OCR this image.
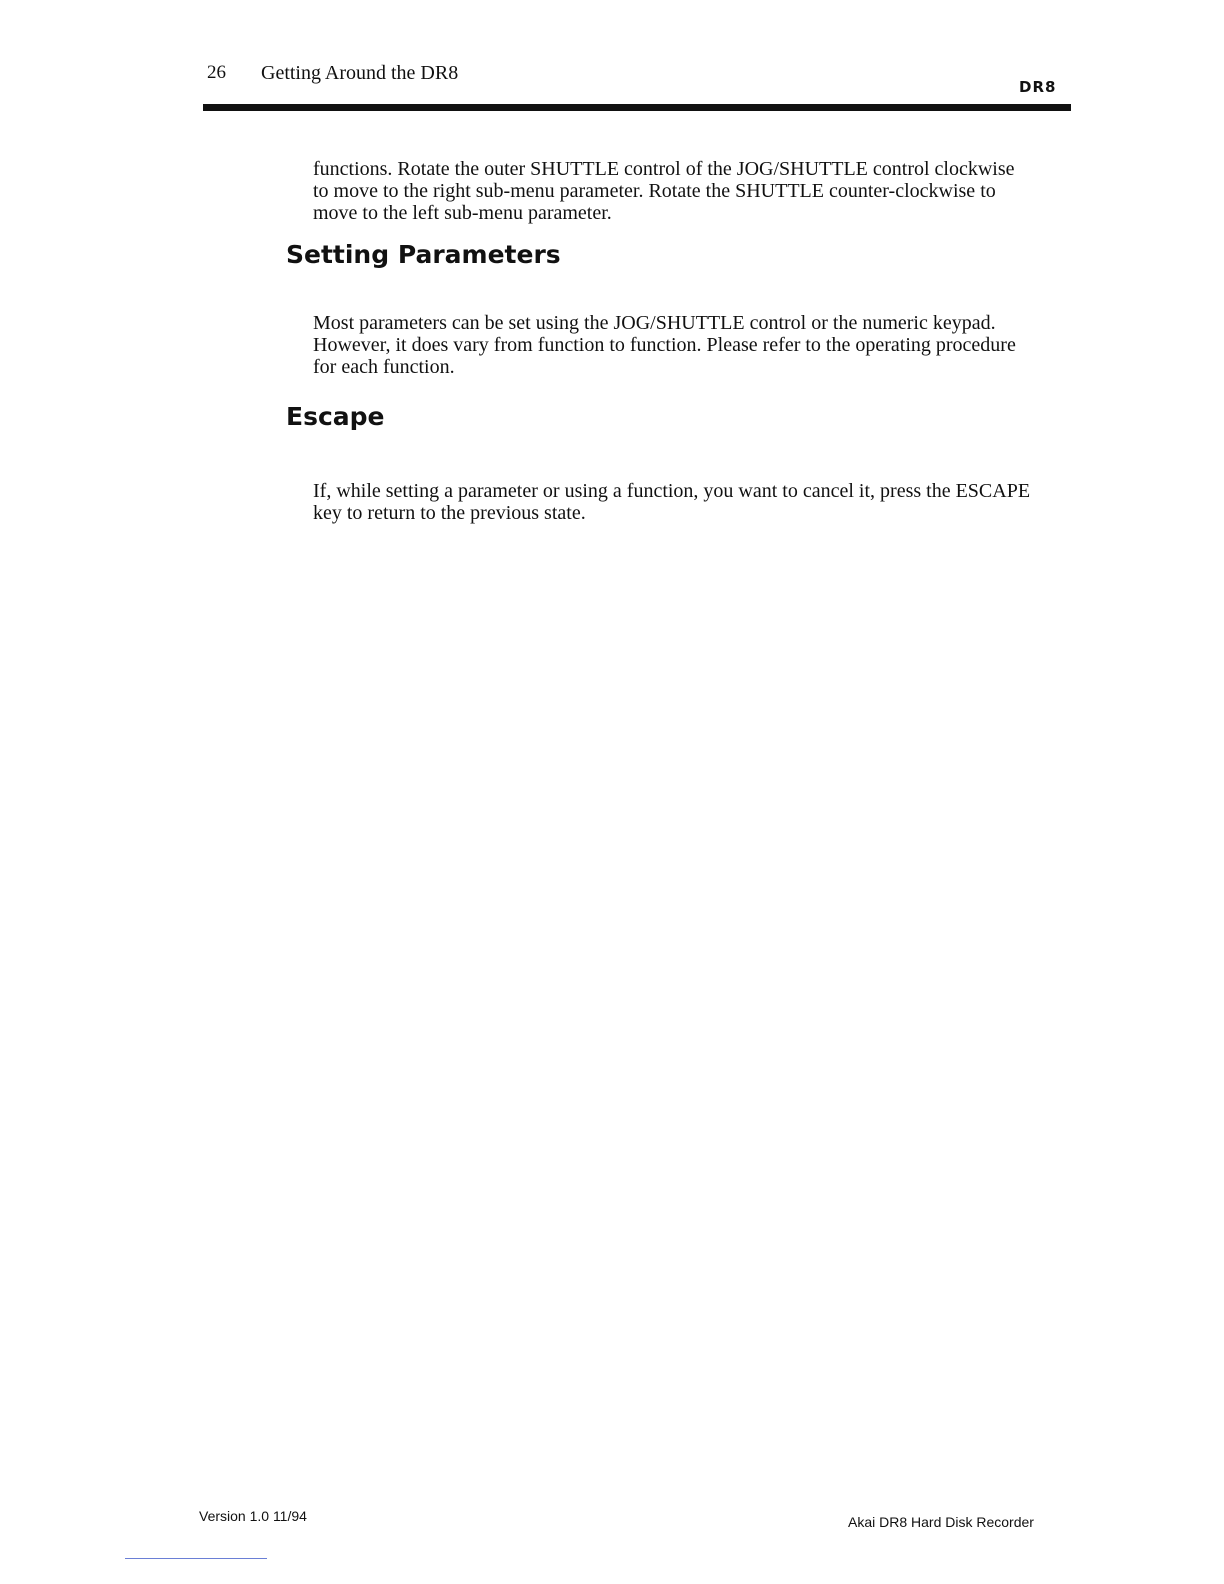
26 Getting Around the DR8
DR8

functions. Rotate the outer SHUTTLE control of the JOG/SHUTTLE control clockwise to move to the right sub-menu parameter. Rotate the SHUTTLE counter-clockwise to move to the left sub-menu parameter.

Setting Parameters

Most parameters can be set using the JOG/SHUTTLE control or the numeric keypad. However, it does vary from function to function. Please refer to the operating procedure for each function.

Escape

If, while setting a parameter or using a function, you want to cancel it, press the ESCAPE key to return to the previous state.

Version 1.0 11/94	Akai DR8 Hard Disk Recorder
